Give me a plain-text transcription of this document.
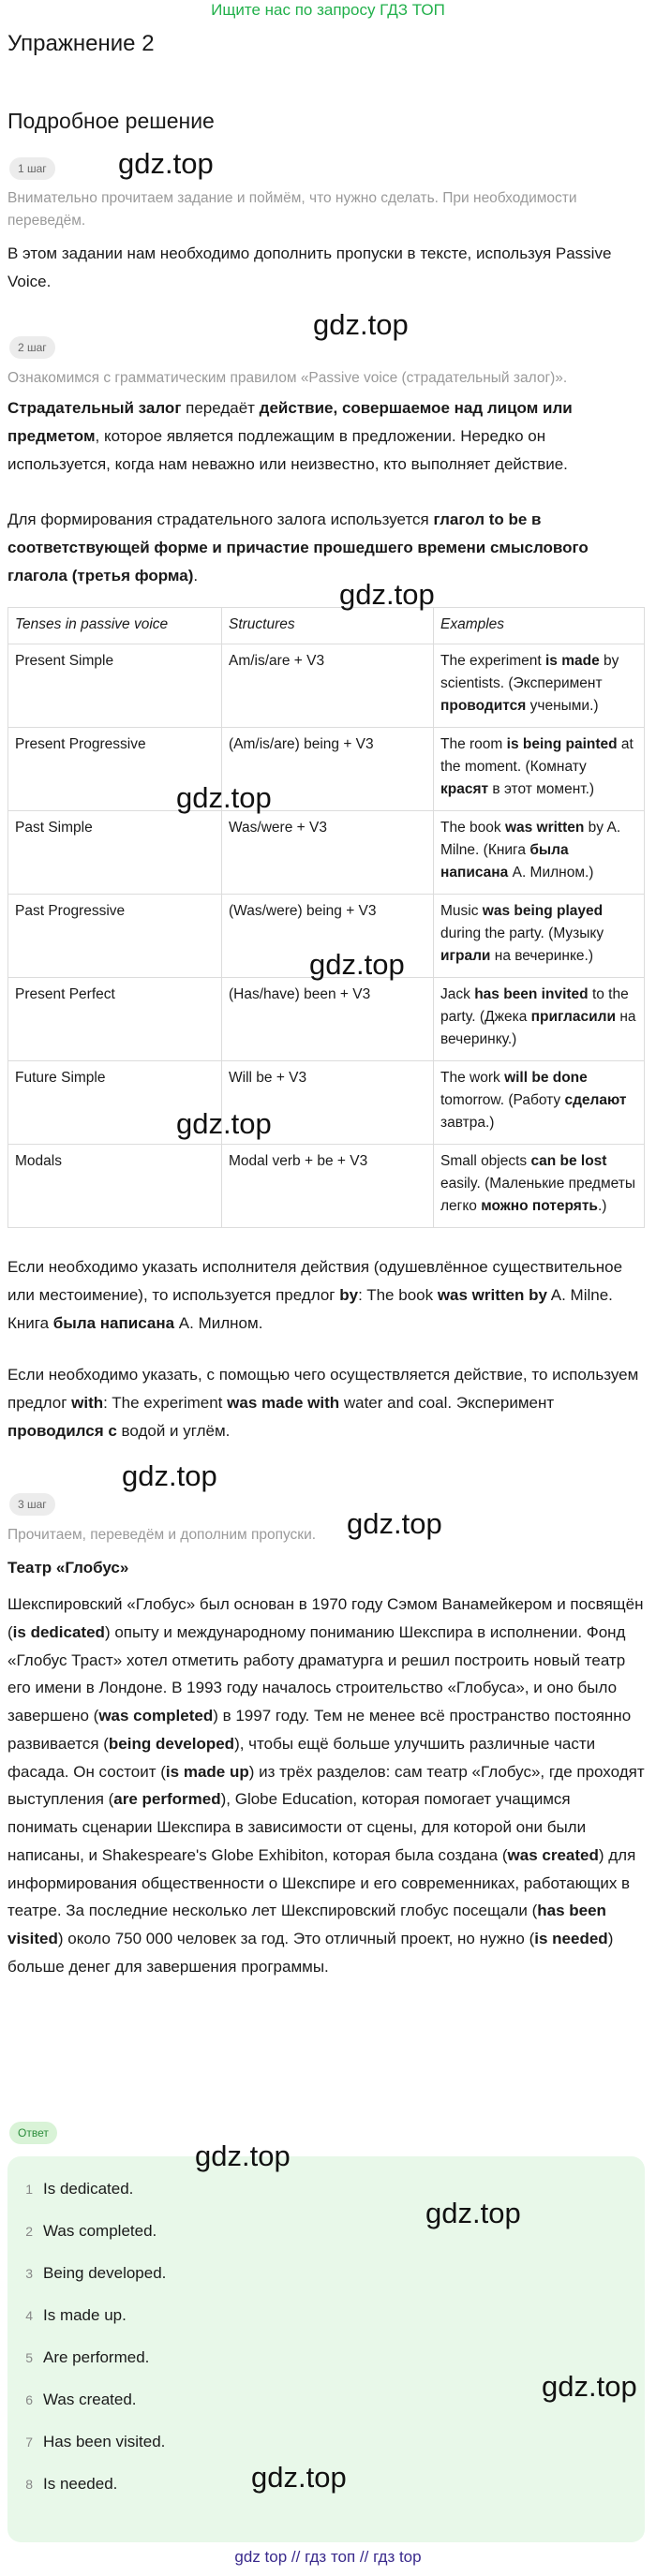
Ищите нас по запросу ГДЗ ТОП
Упражнение 2
Подробное решение
1 шаг

Внимательно прочитаем задание и поймём, что нужно сделать. При необходимости переведём.

В этом задании нам необходимо дополнить пропуски в тексте, используя Passive Voice.

2 шаг

Ознакомимся с грамматическим правилом «Passive voice (страдательный залог)».

Страдательный залог передаёт действие, совершаемое над лицом или предметом, которое является подлежащим в предложении. Нередко он используется, когда нам неважно или неизвестно, кто выполняет действие.

Для формирования страдательного залога используется глагол to be в соответствующей форме и причастие прошедшего времени смыслового глагола (третья форма).

Tenses in passive voice	Structures	Examples
Present Simple	Am/is/are + V3	The experiment is made by scientists. (Эксперимент проводится учеными.)
Present Progressive	(Am/is/are) being + V3	The room is being painted at the moment. (Комнату красят в этот момент.)
Past Simple	Was/were + V3	The book was written by A. Milne. (Книга была написана A. Милном.)
Past Progressive	(Was/were) being + V3	Music was being played during the party. (Музыку играли на вечеринке.)
Present Perfect	(Has/have) been + V3	Jack has been invited to the party. (Джека пригласили на вечеринку.)
Future Simple	Will be + V3	The work will be done tomorrow. (Работу сделают завтра.)
Modals	Modal verb + be + V3	Small objects can be lost easily. (Маленькие предметы легко можно потерять.)

Если необходимо указать исполнителя действия (одушевлённое существительное или местоимение), то используется предлог by: The book was written by A. Milne. Книга была написана А. Милном.

Если необходимо указать, с помощью чего осуществляется действие, то используем предлог with: The experiment was made with water and coal. Эксперимент проводился с водой и углём.

3 шаг

Прочитаем, переведём и дополним пропуски.

Театр «Глобус»

Шекспировский «Глобус» был основан в 1970 году Сэмом Ванамейкером и посвящён (is dedicated) опыту и международному пониманию Шекспира в исполнении. Фонд «Глобус Траст» хотел отметить работу драматурга и решил построить новый театр его имени в Лондоне. В 1993 году началось строительство «Глобуса», и оно было завершено (was completed) в 1997 году. Тем не менее всё пространство постоянно развивается (being developed), чтобы ещё больше улучшить различные части фасада. Он состоит (is made up) из трёх разделов: сам театр «Глобус», где проходят выступления (are performed), Globe Education, которая помогает учащимся понимать сценарии Шекспира в зависимости от сцены, для которой они были написаны, и Shakespeare's Globe Exhibiton, которая была создана (was created) для информирования общественности о Шекспире и его современниках, работающих в театре. За последние несколько лет Шекспировский глобус посещали (has been visited) около 750 000 человек за год. Это отличный проект, но нужно (is needed) больше денег для завершения программы.

Ответ
1 Is dedicated.
2 Was completed.
3 Being developed.
4 Is made up.
5 Are performed.
6 Was created.
7 Has been visited.
8 Is needed.
gdz.top
gdz.top
gdz.top
gdz.top
gdz.top
gdz.top
gdz.top
gdz.top
gdz.top
gdz.top
gdz.top
gdz.top
gdz top // гдз топ // гдз top
